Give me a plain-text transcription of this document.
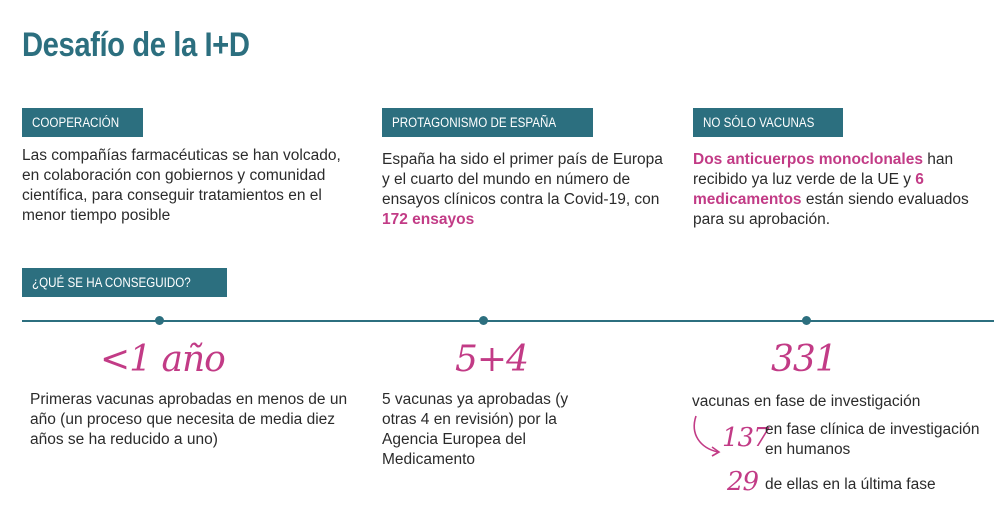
Desafío de la I+D
COOPERACIÓN
Las compañías farmacéuticas se han volcado, en colaboración con gobiernos y comunidad científica, para conseguir tratamientos en el menor tiempo posible
PROTAGONISMO DE ESPAÑA
España ha sido el primer país de Europa y el cuarto del mundo en número de ensayos clínicos contra la Covid-19, con 172 ensayos
NO SÓLO VACUNAS
Dos anticuerpos monoclonales han recibido ya luz verde de la UE y 6 medicamentos están siendo evaluados para su aprobación.
¿QUÉ SE HA CONSEGUIDO?
<1 año
Primeras vacunas aprobadas en menos de un año (un proceso que necesita de media diez años se ha reducido a uno)
5+4
5 vacunas ya aprobadas (y otras 4 en revisión) por la Agencia Europea del Medicamento
331
vacunas en fase de investigación
137
en fase clínica de investigación en humanos
29 de ellas en la última fase
